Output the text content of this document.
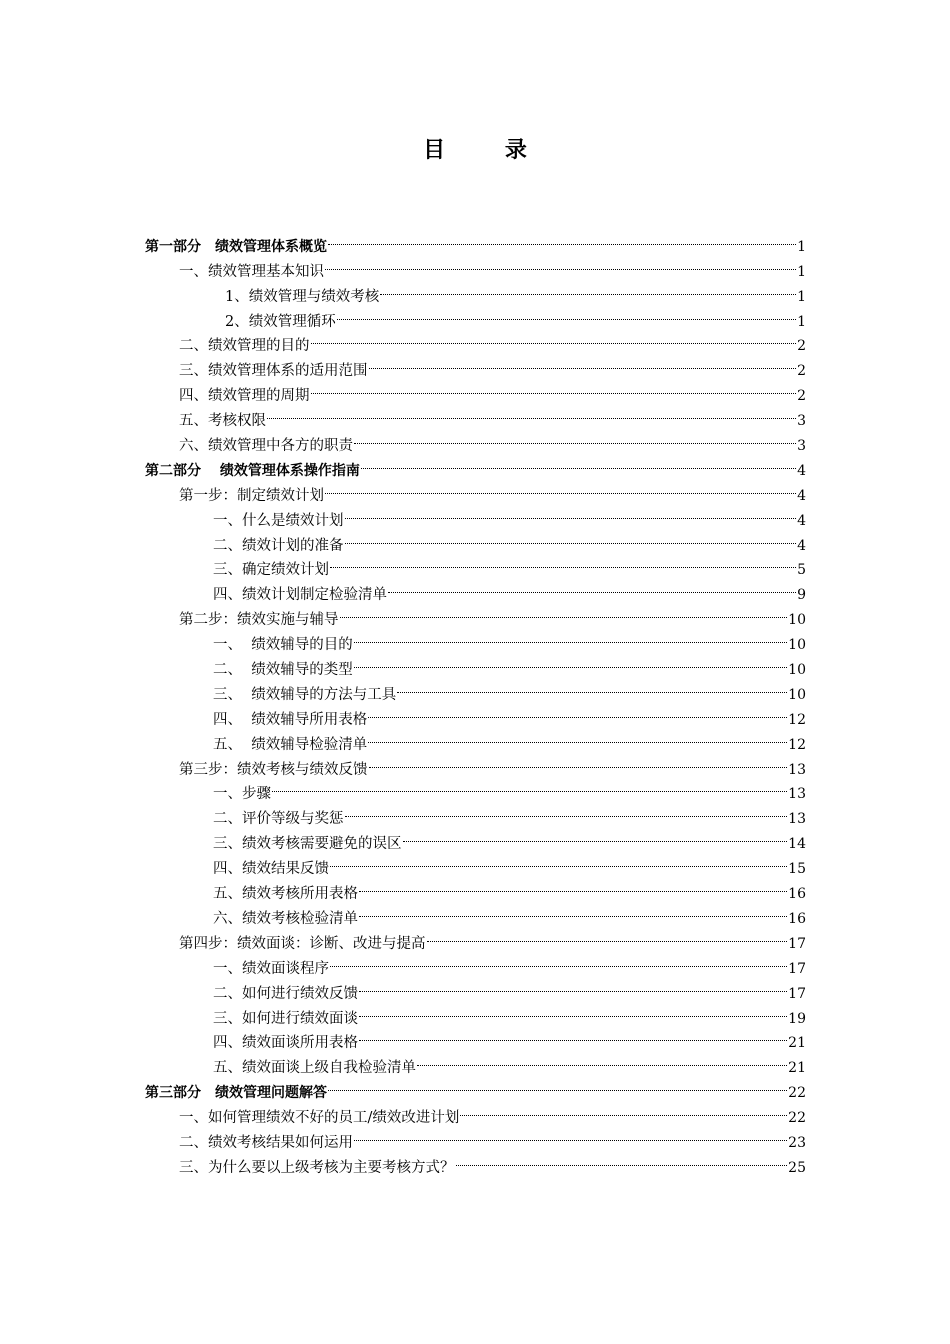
目 录
第一部分　绩效管理体系概览	1
一、绩效管理基本知识	1
1、绩效管理与绩效考核	1
2、绩效管理循环	1
二、绩效管理的目的	2
三、绩效管理体系的适用范围	2
四、绩效管理的周期	2
五、考核权限	3
六、绩效管理中各方的职责	3
第二部分　 绩效管理体系操作指南	4
第一步：制定绩效计划	4
一、什么是绩效计划	4
二、绩效计划的准备	4
三、确定绩效计划	5
四、绩效计划制定检验清单	9
第二步：绩效实施与辅导	10
一、  绩效辅导的目的	10
二、  绩效辅导的类型	10
三、  绩效辅导的方法与工具	10
四、  绩效辅导所用表格	12
五、  绩效辅导检验清单	12
第三步：绩效考核与绩效反馈	13
一、步骤	13
二、评价等级与奖惩	13
三、绩效考核需要避免的误区	14
四、绩效结果反馈	15
五、绩效考核所用表格	16
六、绩效考核检验清单	16
第四步：绩效面谈：诊断、改进与提高	17
一、绩效面谈程序	17
二、如何进行绩效反馈	17
三、如何进行绩效面谈	19
四、绩效面谈所用表格	21
五、绩效面谈上级自我检验清单	21
第三部分　绩效管理问题解答	22
一、如何管理绩效不好的员工/绩效改进计划	22
二、绩效考核结果如何运用	23
三、为什么要以上级考核为主要考核方式？	25
